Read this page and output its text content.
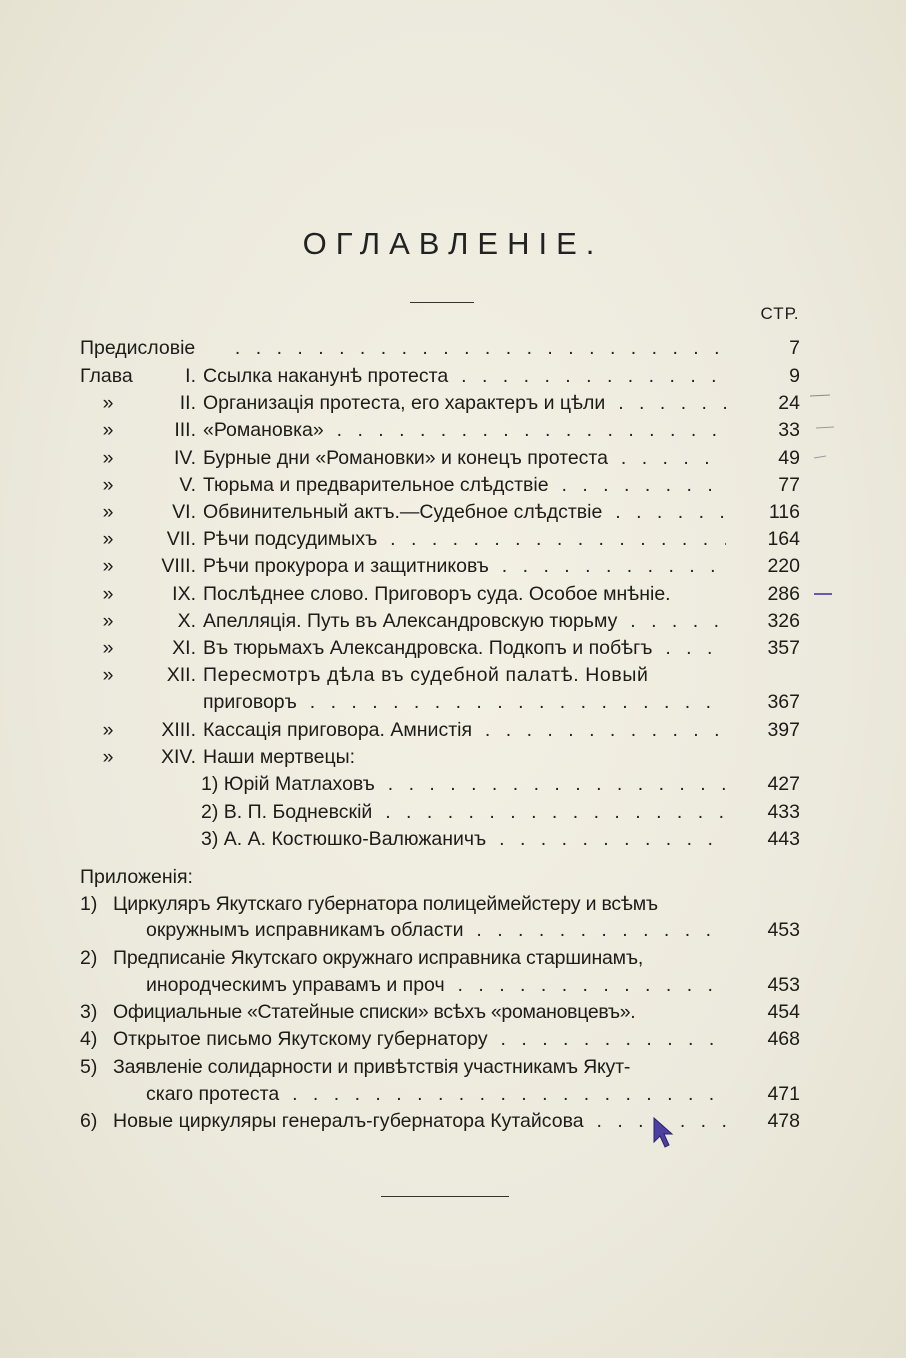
ОГЛАВЛЕНІЕ.
СТР.
Предисловіе . . .	7
Глава	I. Ссылка наканунѣ протеста . . .	9
»	II. Организація протеста, его характеръ и цѣли . . .	24
»	III. «Романовка» . . .	33
»	IV. Бурные дни «Романовки» и конецъ протеста . . .	49
»	V. Тюрьма и предварительное слѣдствіе . . .	77
»	VI. Обвинительный актъ.—Судебное слѣдствіе . . .	116
»	VII. Рѣчи подсудимыхъ . . .	164
»	VIII. Рѣчи прокурора и защитниковъ . . .	220
»	IX. Послѣднее слово. Приговоръ суда. Особое мнѣніе.	286
»	X. Апелляція. Путь въ Александровскую тюрьму . . .	326
»	XI. Въ тюрьмахъ Александровска. Подкопъ и побѣгъ . . .	357
»	XII. Пересмотръ дѣла въ судебной палатѣ. Новый
приговоръ . . .	367
»	XIII. Кассація приговора. Амнистія . . .	397
»	XIV. Наши мертвецы:
1) Юрій Матлаховъ . . .	427
2) В. П. Бодневскій . . .	433
3) А. А. Костюшко-Валюжаничъ . . .	443
Приложенія:
1) Циркуляръ Якутскаго губернатора полицеймейстеру и всѣмъ
окружнымъ исправникамъ области . . .	453
2) Предписаніе Якутскаго окружнаго исправника старшинамъ,
инородческимъ управамъ и проч . . .	453
3) Официальные «Статейные списки» всѣхъ «романовцевъ».	454
4) Открытое письмо Якутскому губернатору . . .	468
5) Заявленіе солидарности и привѣтствія участникамъ Якут-
скаго протеста . . .	471
6) Новые циркуляры генералъ-губернатора Кутайсова . . .	478
